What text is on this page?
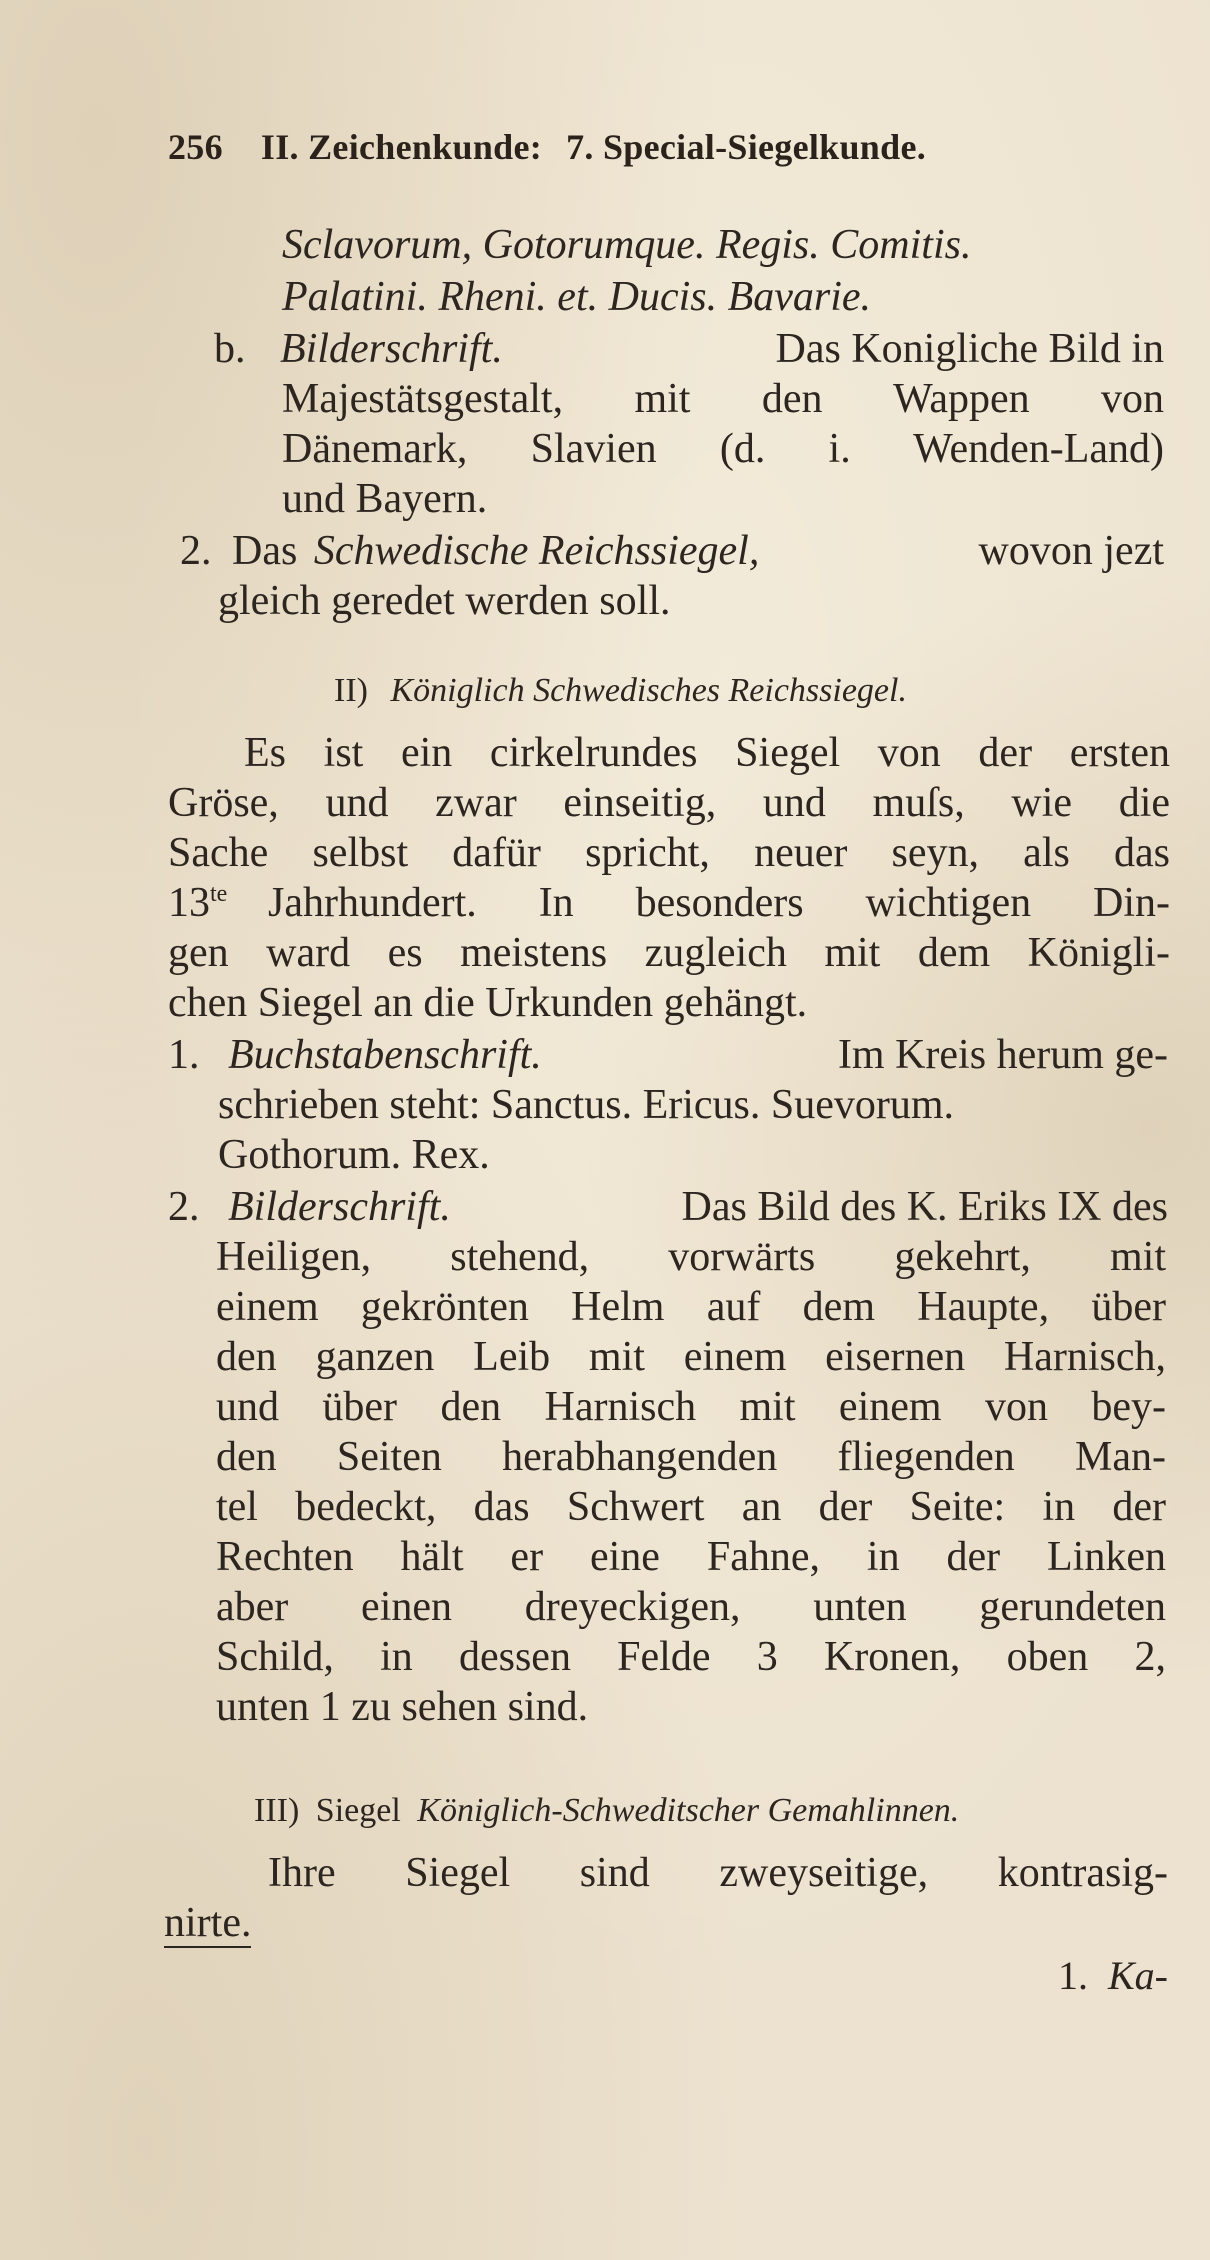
256 II. Zeichenkunde: 7. Special-Siegelkunde.
Sclavorum, Gotorumque. Regis. Comitis.
Palatini. Rheni. et. Ducis. Bavarie.
b. Bilderschrift.	Das Konigliche Bild in
Majestätsgestalt, mit den Wappen von
Dänemark, Slavien (d. i. Wenden-Land)
und Bayern.
2. Das Schwedische Reichssiegel,	wovon jezt
gleich geredet werden soll.
II) Königlich Schwedisches Reichssiegel.
Es ist ein cirkelrundes Siegel von der ersten
Gröse, und zwar einseitig, und muſs, wie die
Sache selbst dafür spricht, neuer seyn, als das
$13^{te}$ Jahrhundert. In besonders wichtigen Din-
gen ward es meistens zugleich mit dem Königli-
chen Siegel an die Urkunden gehängt.
1. Buchstabenschrift.	Im Kreis herum ge-
schrieben steht: Sanctus. Ericus. Suevorum.
Gothorum. Rex.
2. Bilderschrift.	Das Bild des K. Eriks IX des
Heiligen, stehend, vorwärts gekehrt, mit
einem gekrönten Helm auf dem Haupte, über
den ganzen Leib mit einem eisernen Harnisch,
und über den Harnisch mit einem von bey-
den Seiten herabhangenden fliegenden Man-
tel bedeckt, das Schwert an der Seite: in der
Rechten hält er eine Fahne, in der Linken
aber einen dreyeckigen, unten gerundeten
Schild, in dessen Felde 3 Kronen, oben 2,
unten 1 zu sehen sind.
III) Siegel Königlich-Schweditscher Gemahlinnen.
Ihre Siegel sind zweyseitige, kontrasig-
nirte.
1. Ka-
